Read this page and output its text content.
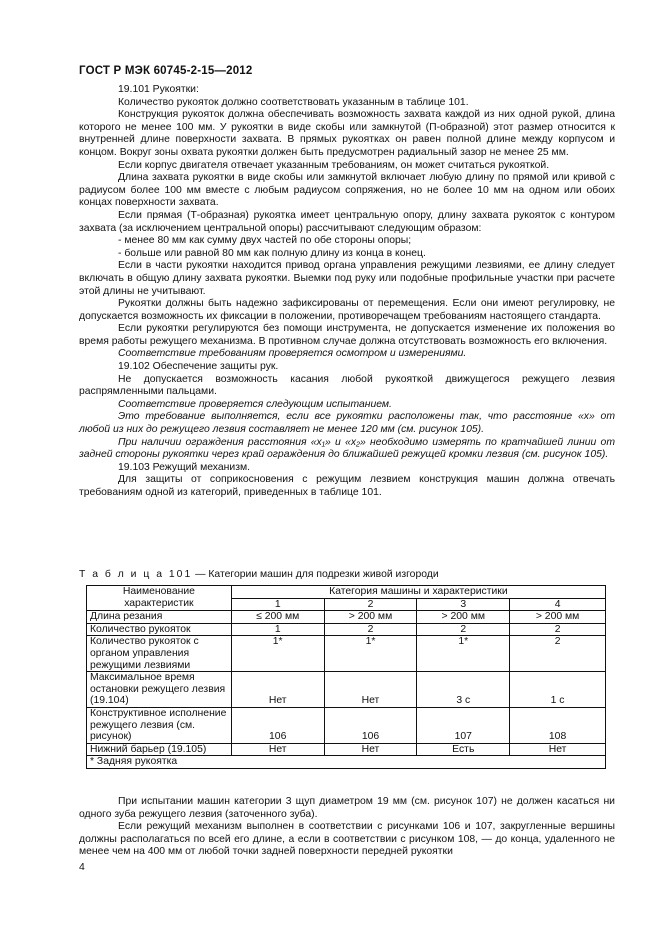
ГОСТ Р МЭК 60745-2-15—2012

19.101 Рукоятки:

Количество рукояток должно соответствовать указанным в таблице 101.

Конструкция рукояток должна обеспечивать возможность захвата каждой из них одной рукой, длина которого не менее 100 мм. У рукоятки в виде скобы или замкнутой (П-образной) этот размер относится к внутренней длине поверхности захвата. В прямых рукоятках он равен полной длине между корпусом и концом. Вокруг зоны охвата рукоятки должен быть предусмотрен радиальный зазор не менее 25 мм.

Если корпус двигателя отвечает указанным требованиям, он может считаться рукояткой.

Длина захвата рукоятки в виде скобы или замкнутой включает любую длину по прямой или кривой с радиусом более 100 мм вместе с любым радиусом сопряжения, но не более 10 мм на одном или обоих концах поверхности захвата.

Если прямая (Т-образная) рукоятка имеет центральную опору, длину захвата рукояток с контуром захвата (за исключением центральной опоры) рассчитывают следующим образом:

- менее 80 мм как сумму двух частей по обе стороны опоры;

- больше или равной 80 мм как полную длину из конца в конец.

Если в части рукоятки находится привод органа управления режущими лезвиями, ее длину следует включать в общую длину захвата рукоятки. Выемки под руку или подобные профильные участки при расчете этой длины не учитывают.

Рукоятки должны быть надежно зафиксированы от перемещения. Если они имеют регулировку, не допускается возможность их фиксации в положении, противоречащем требованиям настоящего стандарта.

Если рукоятки регулируются без помощи инструмента, не допускается изменение их положения во время работы режущего механизма. В противном случае должна отсутствовать возможность его включения.

Соответствие требованиям проверяется осмотром и измерениями.

19.102 Обеспечение защиты рук.

Не допускается возможность касания любой рукояткой движущегося режущего лезвия распрямленными пальцами.

Соответствие проверяется следующим испытанием.

Это требование выполняется, если все рукоятки расположены так, что расстояние «x» от любой из них до режущего лезвия составляет не менее 120 мм (см. рисунок 105).

При наличии ограждения расстояния «x₁» и «x₂» необходимо измерять по кратчайшей линии от задней стороны рукоятки через край ограждения до ближайшей режущей кромки лезвия (см. рисунок 105).

19.103 Режущий механизм.

Для защиты от соприкосновения с режущим лезвием конструкция машин должна отвечать требованиям одной из категорий, приведенных в таблице 101.

Т а б л и ц а 101 — Категории машин для подрезки живой изгороди
Наименование характеристик	Категория машины и характеристики			
	1	2	3	4
Длина резания	≤ 200 мм	> 200 мм	> 200 мм	> 200 мм
Количество рукояток	1	2	2	2
Количество рукояток с органом управления режущими лезвиями	1*	1*	1*	2
Максимальное время остановки режущего лезвия (19.104)	Нет	Нет	3 с	1 с
Конструктивное исполнение режущего лезвия (см. рисунок)	106	106	107	108
Нижний барьер (19.105)	Нет	Нет	Есть	Нет
* Задняя рукоятка				

При испытании машин категории 3 щуп диаметром 19 мм (см. рисунок 107) не должен касаться ни одного зуба режущего лезвия (заточенного зуба).

Если режущий механизм выполнен в соответствии с рисунками 106 и 107, закругленные вершины должны располагаться по всей его длине, а если в соответствии с рисунком 108, — до конца, удаленного не менее чем на 400 мм от любой точки задней поверхности передней рукоятки

4
